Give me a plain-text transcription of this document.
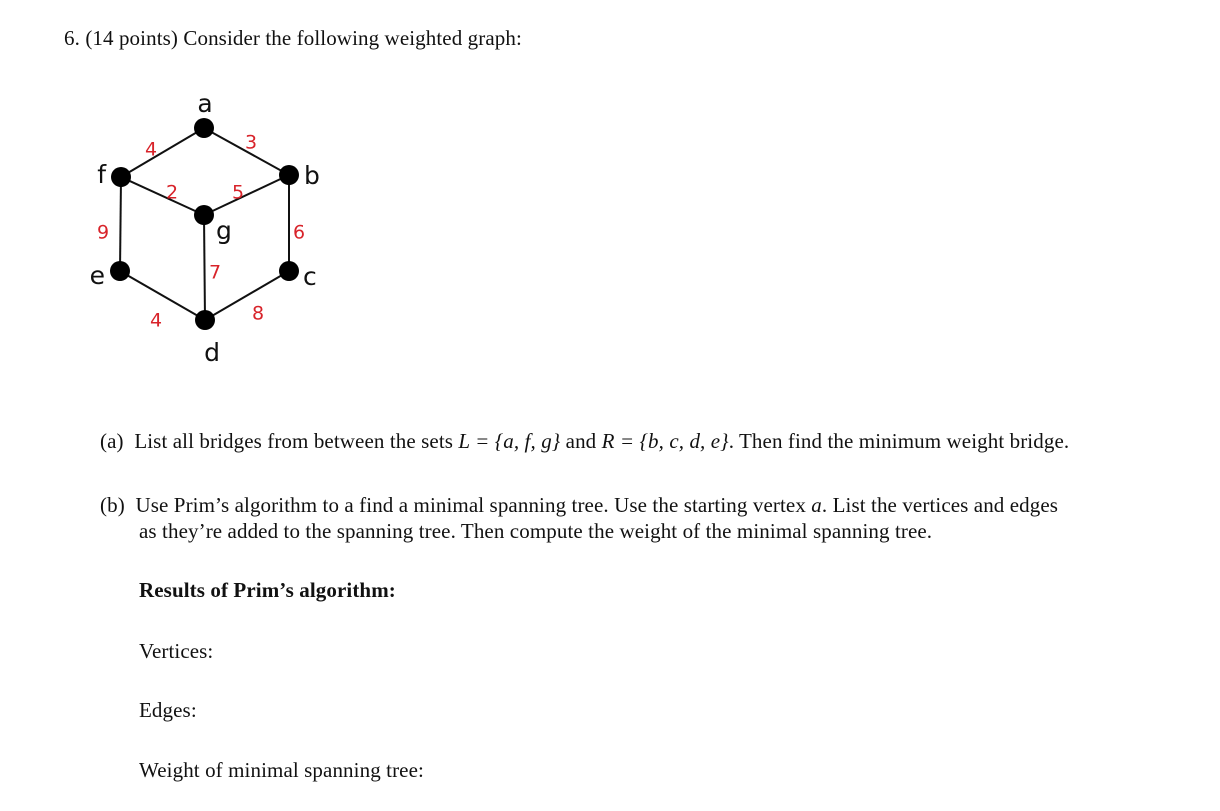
6. (14 points) Consider the following weighted graph:
a
b
c
d
e
f
g
4	3
2	5
9	6
7
4	8
(a) List all bridges from between the sets L = {a, f, g} and R = {b, c, d, e}. Then find the minimum weight bridge.
(b) Use Prim’s algorithm to a find a minimal spanning tree. Use the starting vertex a. List the vertices and edges
as they’re added to the spanning tree. Then compute the weight of the minimal spanning tree.
Results of Prim’s algorithm:
Vertices:
Edges:
Weight of minimal spanning tree:
